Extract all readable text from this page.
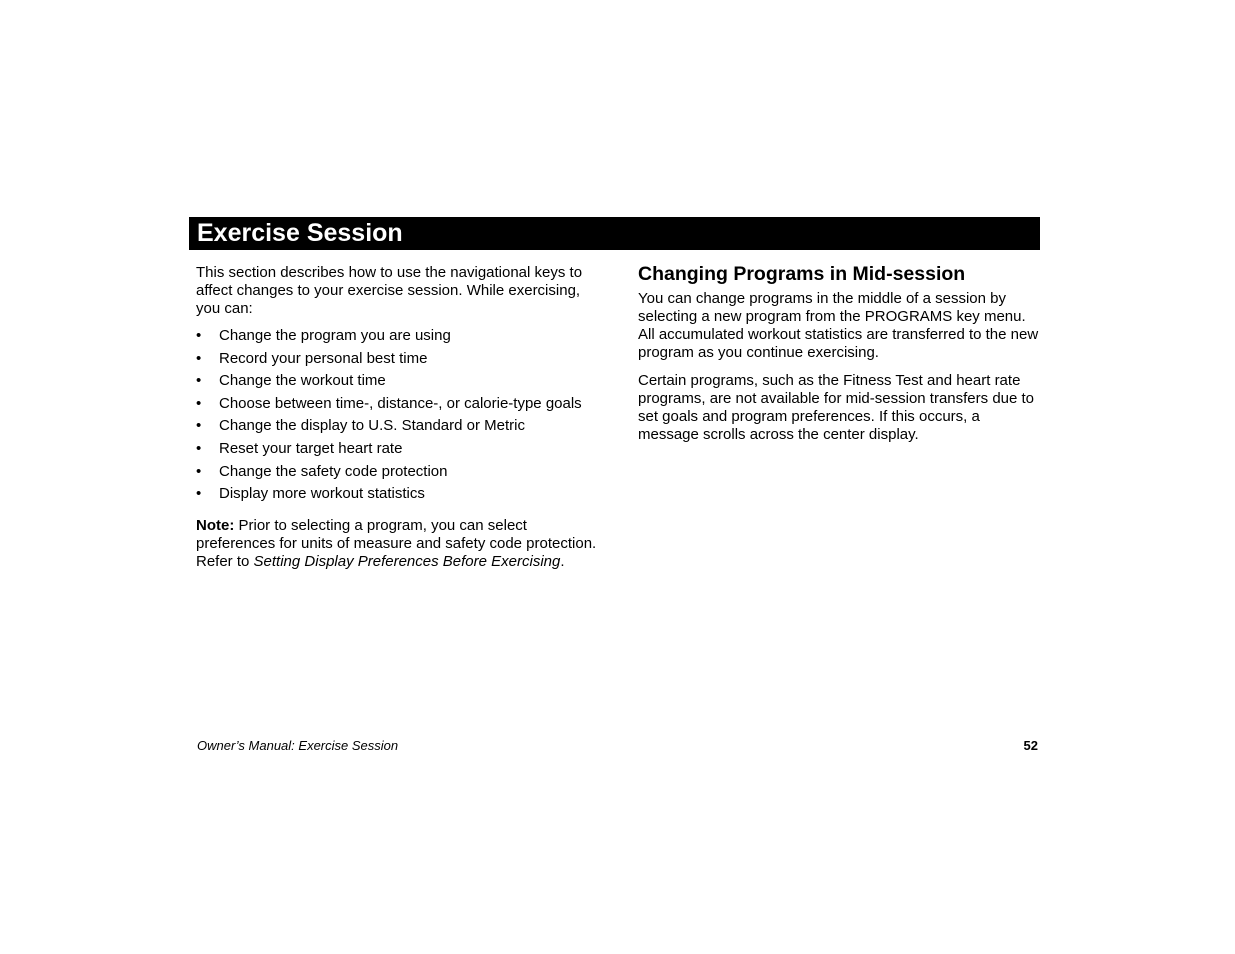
Exercise Session

This section describes how to use the navigational keys to affect changes to your exercise session. While exercising, you can:

• Change the program you are using
• Record your personal best time
• Change the workout time
• Choose between time-, distance-, or calorie-type goals
• Change the display to U.S. Standard or Metric
• Reset your target heart rate
• Change the safety code protection
• Display more workout statistics

Note: Prior to selecting a program, you can select preferences for units of measure and safety code protection. Refer to Setting Display Preferences Before Exercising.

Changing Programs in Mid-session

You can change programs in the middle of a session by selecting a new program from the PROGRAMS key menu. All accumulated workout statistics are transferred to the new program as you continue exercising.

Certain programs, such as the Fitness Test and heart rate programs, are not available for mid-session transfers due to set goals and program preferences. If this occurs, a message scrolls across the center display.

Owner’s Manual: Exercise Session	52
